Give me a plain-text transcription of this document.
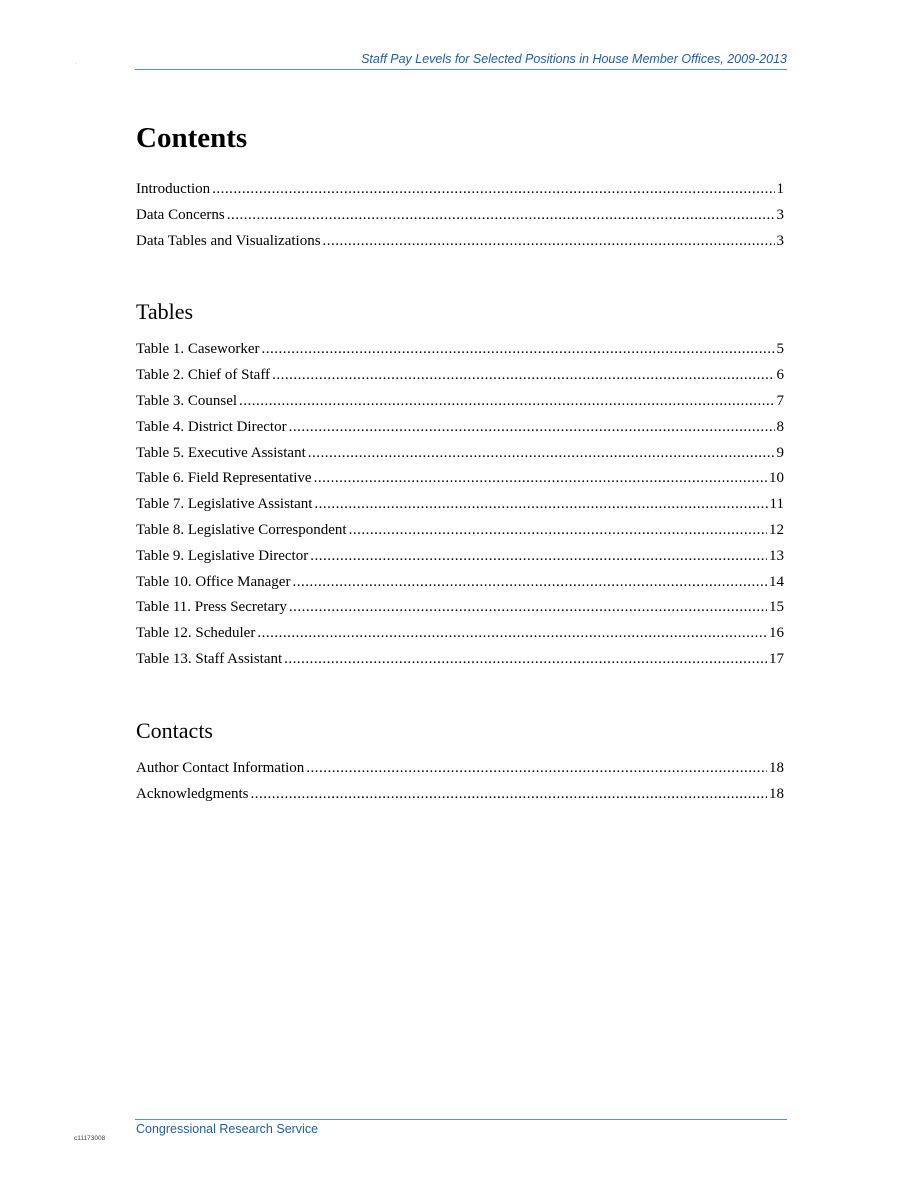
.	Staff Pay Levels for Selected Positions in House Member Offices, 2009-2013
Contents
Introduction .....	1
Data Concerns .....	3
Data Tables and Visualizations .....	3
Tables
Table 1. Caseworker .....	5
Table 2. Chief of Staff .....	6
Table 3. Counsel .....	7
Table 4. District Director .....	8
Table 5. Executive Assistant .....	9
Table 6. Field Representative .....	10
Table 7. Legislative Assistant .....	11
Table 8. Legislative Correspondent .....	12
Table 9. Legislative Director .....	13
Table 10. Office Manager .....	14
Table 11. Press Secretary .....	15
Table 12. Scheduler .....	16
Table 13. Staff Assistant .....	17
Contacts
Author Contact Information .....	18
Acknowledgments .....	18
Congressional Research Service
c11173008
